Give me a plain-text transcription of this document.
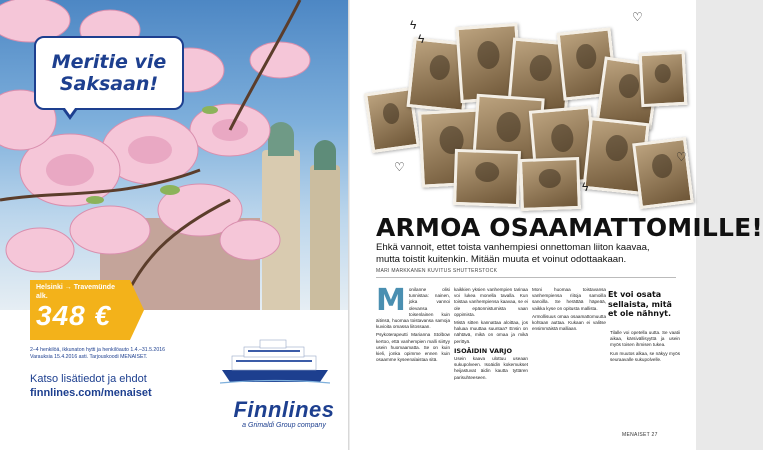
Meritie vie
Saksaan!
Helsinki → Travemünde alk.
348 €
2–4 henkilöä, ikkunaton hytti ja henkilöauto 1.4.–31.5.2016
Varauksia 15.4.2016 asti. Tarjouskoodi MENAISET.
Katso lisätiedot ja ehdot
finnlines.com/menaiset
Finnlines
a Grimaldi Group company
♡
♡
♡
ϟ
ϟ
ϟ
ARMOA OSAAMATTOMILLE!
Ehkä vannoit, ettet toista vanhempiesi onnettoman liiton kaavaa, mutta toistit kuitenkin. Mitään muuta et voinut odottaakaan.
MARI MARKKANEN KUVITUS SHUTTERSTOCK

Monilanne olisi tunnistaa: nainen, joka vannoi olevansa toisenlainen kuin äitinsä, huomaa toistavansa samoja kuvioita omassa liitossaan.

Psykoterapeutti Marianna Stolbow kertoo, että vanhempien malli siirtyy usein huomaamatta. Se on kuin kieli, jonka opimme ennen kuin osaamme kyseenalaistaa sitä.

kaikkien yksien vanhempien tarinaa voi lukea monella tavalla. Kun toistaa vanhempiensa kaavaa, se ei ole epäonnistumista vaan oppimista.

Mistä sitten kannattaa aloittaa, jos haluaa muuttaa suuntaa? Ensin on nähtävä, mikä on omaa ja mikä perittyä.

ISOÄIDIN VARJO

Usein kaava ulottuu useaan sukupolveen. Isoäidin kokemukset heijastuvat äidin kautta tyttären parisuhteeseen.

Moni huomaa toistavansa vanhempiensa riitoja samoilla sanoilla. Se herättää häpeää, vaikka kyse on opitusta mallista.

Armollisuus omaa osaamattomuutta kohtaan auttaa. Kukaan ei valitse ensimmäistä malliaan.

Et voi osata sellaista, mitä et ole nähnyt.

Tilalle voi opetella uutta. Se vaatii aikaa, kärsivällisyyttä ja usein myös toisen ihmisen tukea.

Kun muutos alkaa, se näkyy myös seuraavalle sukupolvelle.

MENAISET 27
